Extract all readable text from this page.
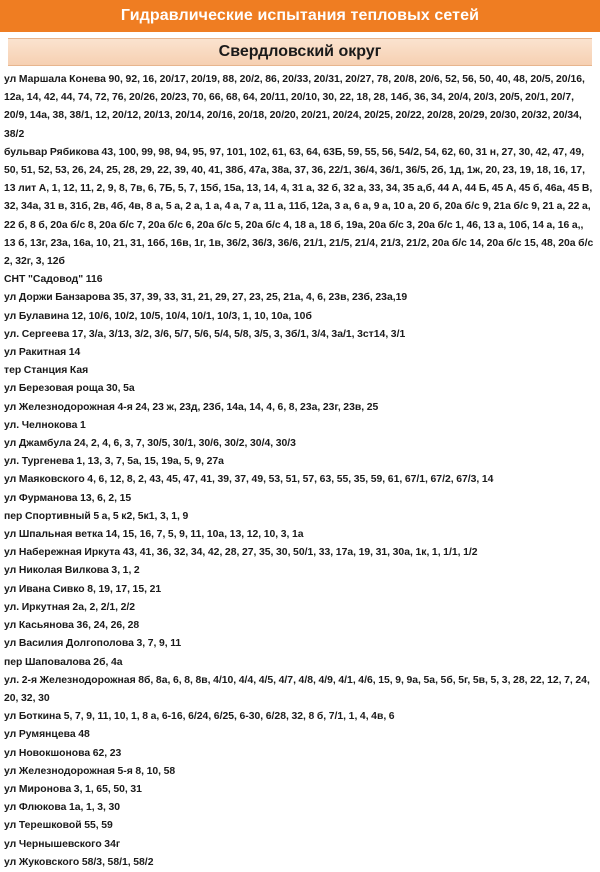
Гидравлические испытания тепловых сетей
Свердловский округ

ул Маршала Конева 90, 92, 16, 20/17, 20/19, 88, 20/2, 86, 20/33, 20/31, 20/27, 78, 20/8, 20/6, 52, 56, 50, 40, 48, 20/5, 20/16, 12а, 14, 42, 44, 74, 72, 76, 20/26, 20/23, 70, 66, 68, 64, 20/11, 20/10, 30, 22, 18, 28, 14б, 36, 34, 20/4, 20/3, 20/5, 20/1, 20/7, 20/9, 14а, 38, 38/1, 12, 20/12, 20/13, 20/14, 20/16, 20/18, 20/20, 20/21, 20/24, 20/25, 20/22, 20/28, 20/29, 20/30, 20/32, 20/34, 38/2

бульвар Рябикова 43, 100, 99, 98, 94, 95, 97, 101, 102, 61, 63, 64, 63Б, 59, 55, 56, 54/2, 54, 62, 60, 31 н, 27, 30, 42, 47, 49, 50, 51, 52, 53, 26, 24, 25, 28, 29, 22, 39, 40, 41, 38б, 47а, 38а, 37, 36, 22/1, 36/4, 36/1, 36/5, 2б, 1д, 1ж, 20, 23, 19, 18, 16, 17, 13 лит А, 1, 12, 11, 2, 9, 8, 7в, 6, 7Б, 5, 7, 15б, 15а, 13, 14, 4, 31 а, 32 б, 32 а, 33, 34, 35 а,б, 44 А, 44 Б, 45 А, 45 б, 46а, 45 В, 32, 34а, 31 в, 31б, 2в, 4б, 4в, 8 а, 5 а, 2 а, 1 а, 4 а, 7 а, 11 а, 11б, 12а, 3 а, 6 а, 9 а, 10 а, 20 б, 20а б/с 9, 21а б/с 9, 21 а, 22 а, 22 б, 8 б, 20а б/с 8, 20а б/с 7, 20а б/с 6, 20а б/с 5, 20а б/с 4, 18 а, 18 б, 19а, 20а б/с 3, 20а б/с 1, 46, 13 а, 10б, 14 а, 16 а,, 13 б, 13г, 23а, 16а, 10, 21, 31, 16б, 16в, 1г, 1в, 36/2, 36/3, 36/6, 21/1, 21/5, 21/4, 21/3, 21/2, 20а б/с 14, 20а б/с 15, 48, 20а б/с 2, 32г, 3, 12б

СНТ "Садовод" 116

ул Доржи Банзарова 35, 37, 39, 33, 31, 21, 29, 27, 23, 25, 21а, 4, 6, 23в, 23б, 23а,19

ул Булавина 12, 10/6, 10/2, 10/5, 10/4, 10/1, 10/3, 1, 10, 10а, 10б

ул. Сергеева 17, 3/а, 3/13, 3/2, 3/6, 5/7, 5/6, 5/4, 5/8, 3/5, 3, 3б/1, 3/4, 3а/1, 3ст14, 3/1

ул Ракитная 14

тер Станция Кая

ул Березовая роща 30, 5а

ул Железнодорожная 4-я 24, 23 ж, 23д, 23б, 14а, 14, 4, 6, 8, 23а, 23г, 23в, 25

ул. Челнокова 1

ул Джамбула 24, 2, 4, 6, 3, 7, 30/5, 30/1, 30/6, 30/2, 30/4, 30/3

ул. Тургенева 1, 13, 3, 7, 5а, 15, 19а, 5, 9, 27а

ул Маяковского 4, 6, 12, 8, 2, 43, 45, 47, 41, 39, 37, 49, 53, 51, 57, 63, 55, 35, 59, 61, 67/1, 67/2, 67/3, 14

ул Фурманова 13, 6, 2, 15

пер Спортивный 5 а, 5 к2, 5к1, 3, 1, 9

ул Шпальная ветка 14, 15, 16, 7, 5, 9, 11, 10а, 13, 12, 10, 3, 1а

ул Набережная Иркута 43, 41, 36, 32, 34, 42, 28, 27, 35, 30, 50/1, 33, 17а, 19, 31, 30а, 1к, 1, 1/1, 1/2

ул Николая Вилкова 3, 1, 2

ул Ивана Сивко 8, 19, 17, 15, 21

ул. Иркутная 2а, 2, 2/1, 2/2

ул Касьянова 36, 24, 26, 28

ул Василия Долгополова 3, 7, 9, 11

пер Шаповалова 2б, 4а

ул. 2-я Железнодорожная 8б, 8а, 6, 8, 8в, 4/10, 4/4, 4/5, 4/7, 4/8, 4/9, 4/1, 4/6, 15, 9, 9а, 5а, 5б, 5г, 5в, 5, 3, 28, 22, 12, 7, 24, 20, 32, 30

ул Боткина 5, 7, 9, 11, 10, 1, 8 а, 6-16, 6/24, 6/25, 6-30, 6/28, 32, 8 б, 7/1, 1, 4, 4в, 6

ул Румянцева 48

ул Новокшонова 62, 23

ул Железнодорожная 5-я 8, 10, 58

ул Миронова 3, 1, 65, 50, 31

ул Флюкова 1а, 1, 3, 30

ул Терешковой 55, 59

ул Чернышевского 34г

ул Жуковского 58/3, 58/1, 58/2
